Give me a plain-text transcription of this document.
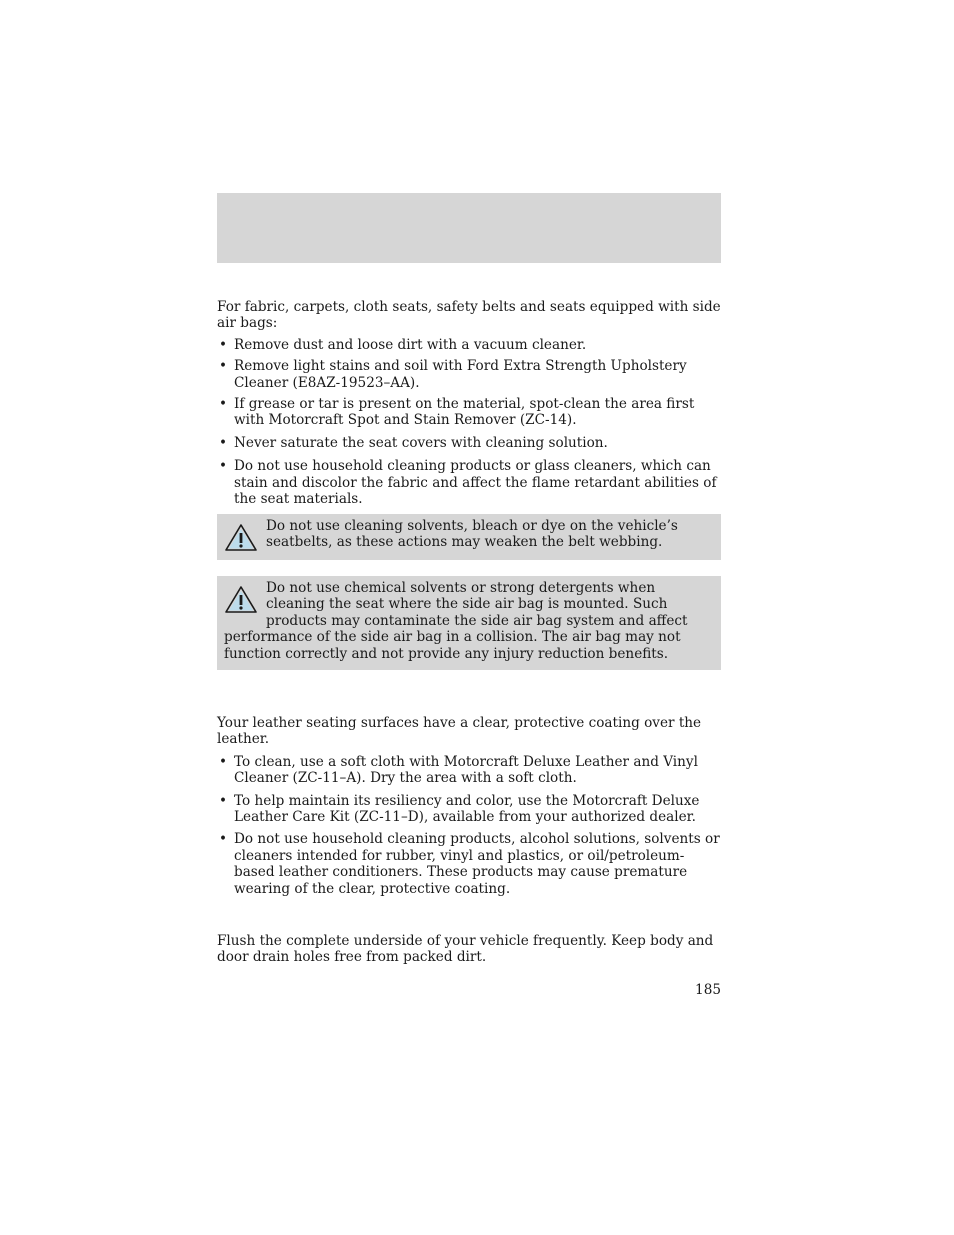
For fabric, carpets, cloth seats, safety belts and seats equipped with side air bags:

• Remove dust and loose dirt with a vacuum cleaner.
• Remove light stains and soil with Ford Extra Strength Upholstery Cleaner (E8AZ-19523–AA).
• If grease or tar is present on the material, spot-clean the area first with Motorcraft Spot and Stain Remover (ZC-14).
• Never saturate the seat covers with cleaning solution.
• Do not use household cleaning products or glass cleaners, which can stain and discolor the fabric and affect the flame retardant abilities of the seat materials.

Do not use cleaning solvents, bleach or dye on the vehicle’s seatbelts, as these actions may weaken the belt webbing.

Do not use chemical solvents or strong detergents when cleaning the seat where the side air bag is mounted. Such products may contaminate the side air bag system and affect performance of the side air bag in a collision. The air bag may not function correctly and not provide any injury reduction benefits.

Your leather seating surfaces have a clear, protective coating over the leather.

• To clean, use a soft cloth with Motorcraft Deluxe Leather and Vinyl Cleaner (ZC-11–A). Dry the area with a soft cloth.
• To help maintain its resiliency and color, use the Motorcraft Deluxe Leather Care Kit (ZC-11–D), available from your authorized dealer.
• Do not use household cleaning products, alcohol solutions, solvents or cleaners intended for rubber, vinyl and plastics, or oil/petroleum-based leather conditioners. These products may cause premature wearing of the clear, protective coating.

Flush the complete underside of your vehicle frequently. Keep body and door drain holes free from packed dirt.

185
